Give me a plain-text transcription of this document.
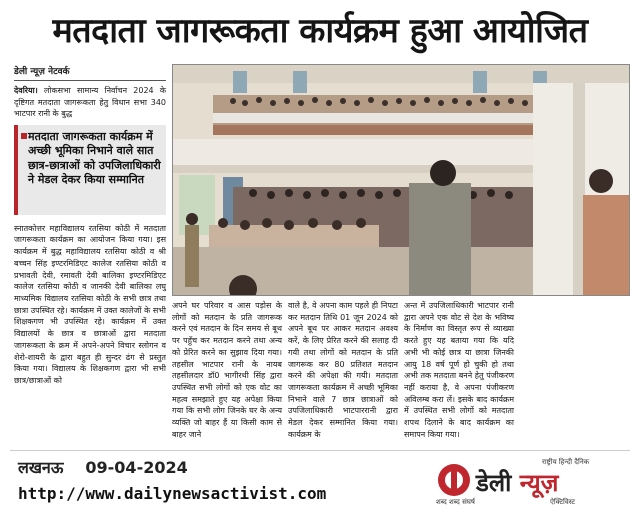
मतदाता जागरूकता कार्यक्रम हुआ आयोजित
डेली न्यूज़ नेटवर्क

देवरिया। लोकसभा सामान्य निर्वाचन 2024 के दृष्टिगत मतदाता जागरूकता हेतु विधान सभा 340 भाटपार रानी के बुद्ध

मतदाता जागरूकता कार्यक्रम में अच्छी भूमिका निभाने वाले सात छात्र-छात्राओं को उपजिलाधिकारी ने मेडल देकर किया सम्मानित

स्नातकोत्तर महाविद्यालय रतसिया कोठी में मतदाता जागरूकता कार्यक्रम का आयोजन किया गया। इस कार्यक्रम में बुद्ध महाविद्यालय रतसिया कोठी व श्री बच्चन सिंह इण्टरमिडिएट कालेज रतसिया कोठी व प्रभावती देवी, रमावती देवी बालिका इण्टरमिडिएट कालेज रतसिया कोठी व जानकी देवी बालिका लघु माध्यमिक विद्यालय रतसिया कोठी के सभी छात्र तथा छात्रा उपस्थित रहे। कार्यक्रम में उक्त कालेजों के सभी शिक्षकगण भी उपस्थित रहे। कार्यक्रम में उक्त विद्यालयों के छात्र व छात्राओं द्वारा मतदाता जागरूकता के क्रम में अपने-अपने विचार स्लोगन व शेरो-शायरी के द्वारा बहुत ही सुन्दर ढंग से प्रस्तुत किया गया। विद्यालय के शिक्षकगण द्वारा भी सभी छात्र/छात्राओं को

अपने घर परिवार व आस पड़ोस के लोगों को मतदान के प्रति जागरूक करने एवं मतदान के दिन समय से बूथ पर पहुँच कर मतदान करने तथा अन्य को प्रेरित करने का सुझाव दिया गया। तहसील भाटपार रानी के नायब तहसीलदार डॉ0 भागीरथी सिंह द्वारा उपस्थित सभी लोगों को एक वोट का महत्व समझाते हुए यह अपेक्षा किया गया कि सभी लोग जिनके घर के अन्य व्यक्ति जो बाहर हैं या किसी काम से बाहर जाने

वाले है, वे अपना काम पहले ही निपटा कर मतदान तिथि 01 जून 2024 को अपने बूथ पर आकर मतदान अवश्य करें, के लिए प्रेरित करने की सलाह दी गयी तथा लोगों को मतदान के प्रति जागरूक कर 80 प्रतिशत मतदान करने की अपेक्षा की गयी। मतदाता जागरूकता कार्यक्रम में अच्छी भूमिका निभाने वाले 7 छात्र छात्राओं को उपजिलाधिकारी भाटपाररानी द्वारा मेडल देकर सम्मानित किया गया। कार्यक्रम के

अन्त में उपजिलाधिकारी भाटपार रानी द्वारा अपने एक वोट से देश के भविष्य के निर्माण का विस्तृत रूप से व्याख्या करते हुए यह बताया गया कि यदि अभी भी कोई छात्र या छात्रा जिनकी आयु 18 वर्ष पूर्ण हो चुकी हो तथा अभी तक मतदाता बनने हेतु पंजीकरण नहीं कराया है, वे अपना पंजीकरण अविलम्ब करा लें। इसके बाद कार्यक्रम में उपस्थित सभी लोगों को मतदाता शपथ दिलाने के बाद कार्यक्रम का समापन किया गया।

लखनऊ 09-04-2024
http://www.dailynewsactivist.com
राष्ट्रीय हिन्दी दैनिक
डेली न्यूज़
शब्द शब्द संघर्ष	ऐक्टिविस्ट
